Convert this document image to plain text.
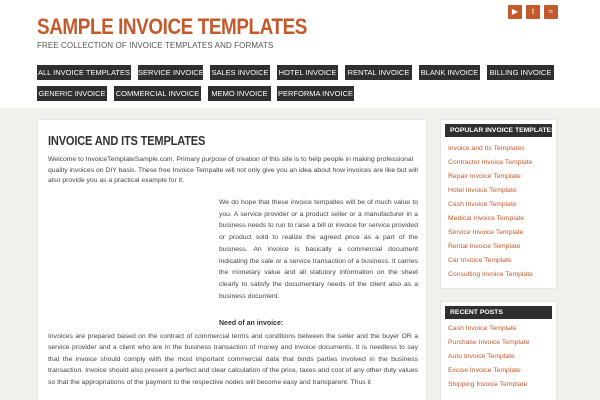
SAMPLE INVOICE TEMPLATES
FREE COLLECTION OF INVOICE TEMPLATES AND FORMATS
▶	t	≈
ALL INVOICE TEMPLATES SERVICE INVOICE SALES INVOICE HOTEL INVOICE	RENTAL INVOICE	BLANK INVOICE	BILLING INVOICE
GENERIC INVOICE COMMERCIAL INVOICE	MEMO INVOICE	PERFORMA INVOICE
INVOICE AND ITS TEMPLATES
Welcome to InvoiceTemplateSample.com. Primary purpose of creation of this site is to help people in making professional quality invoices on DIY basis. These free Invoice Tempalte will not only give you an idea about how invoices are like but will also provide you as a practical example for it.
We do hope that these invoice tempaltes will be of much value to you. A service provider or a product seller or a manufacturer in a business needs to run to raise a bill or invoice for service provided or product sold to realize the agreed price as a part of the business. An invoice is basically a commercial document indicating the sale or a service transaction of a business. It carries the monetary value and all statutory information on the sheet clearly to satisfy the documentary needs of the client also as a business document.
Need of an invoice:
Invoices are prepared based on the contract of commercial terms and conditions between the seller and the buyer OR a service provider and a client who are in the business transaction of money and invoice documents. It is needless to say that the invoice should comply with the most important commercial data that binds parties involved in the business transaction. Invoice should also present a perfect and clear calculation of the price, taxes and cost of any other duty values so that the appropriations of the payment to the respective nodes will become easy and transparent. Thus it
POPULAR INVOICE TEMPLATES
Invoice and Its Templates
Contractor Invoice Template
Repair Invoice Template
Hotel Invoice Template
Cash Invoice Template
Medical Invoice Template
Service Invoice Template
Rental Invoice Template
Car Invoice Template
Consulting Invoice Template
RECENT POSTS
Cash Invoice Template
Purchase Invoice Template
Auto Invoice Template
Excise Invoice Template
Shipping Invoice Template
